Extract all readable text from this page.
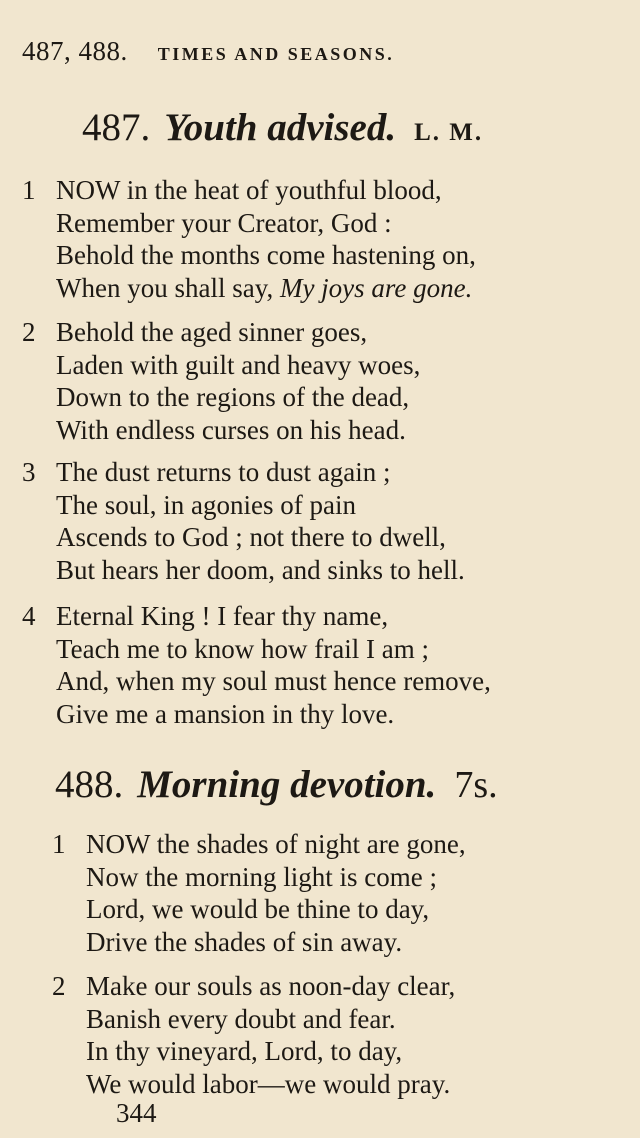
487, 488. TIMES AND SEASONS.
487. Youth advised. L. M.
1 NOW in the heat of youthful blood,
Remember your Creator, God :
Behold the months come hastening on,
When you shall say, My joys are gone.
2 Behold the aged sinner goes,
Laden with guilt and heavy woes,
Down to the regions of the dead,
With endless curses on his head.
3 The dust returns to dust again ;
The soul, in agonies of pain
Ascends to God ; not there to dwell,
But hears her doom, and sinks to hell.
4 Eternal King ! I fear thy name,
Teach me to know how frail I am ;
And, when my soul must hence remove,
Give me a mansion in thy love.
488. Morning devotion. 7s.
1 NOW the shades of night are gone,
Now the morning light is come ;
Lord, we would be thine to day,
Drive the shades of sin away.
2 Make our souls as noon-day clear,
Banish every doubt and fear.
In thy vineyard, Lord, to day,
We would labor—we would pray.
344
